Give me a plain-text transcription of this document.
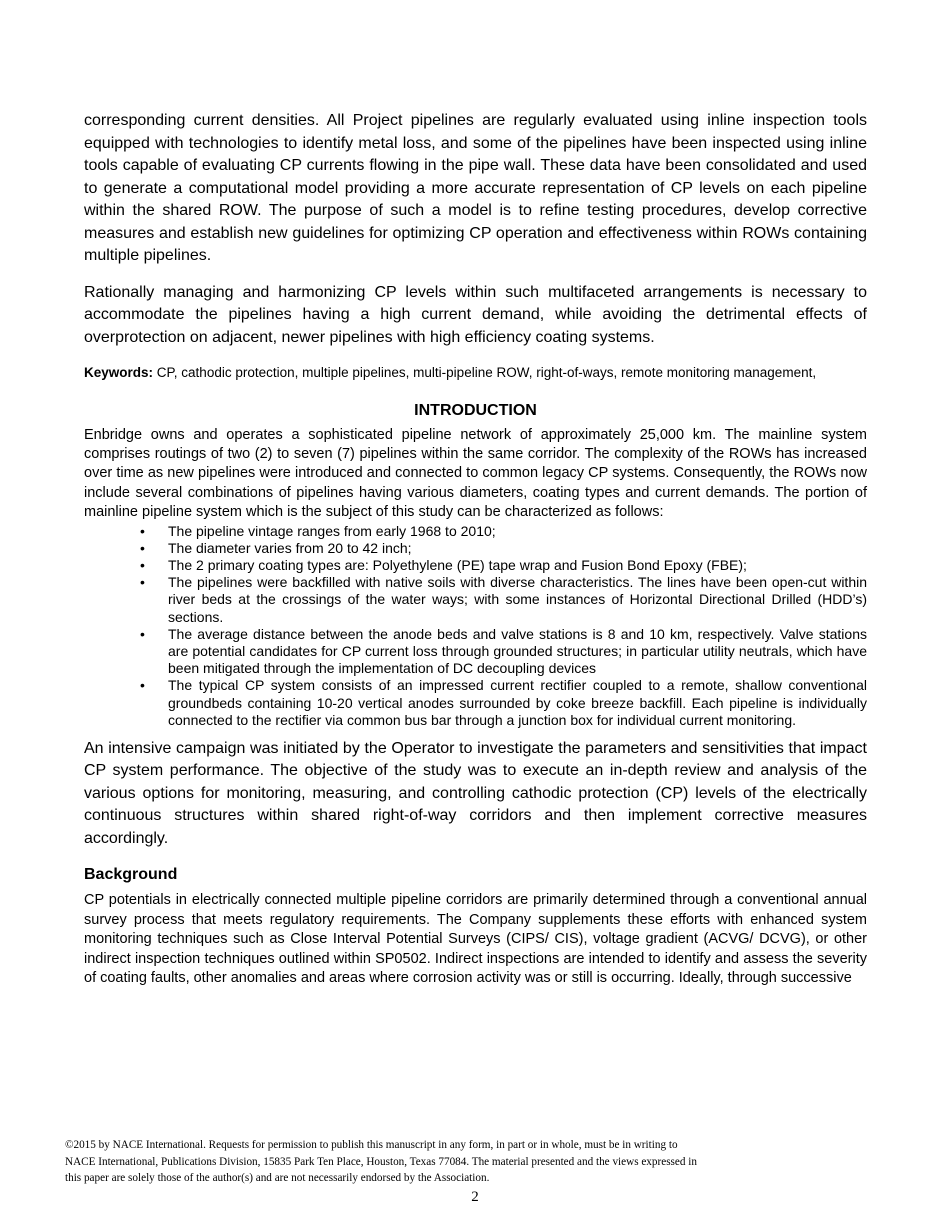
corresponding current densities. All Project pipelines are regularly evaluated using inline inspection tools equipped with technologies to identify metal loss, and some of the pipelines have been inspected using inline tools capable of evaluating CP currents flowing in the pipe wall. These data have been consolidated and used to generate a computational model providing a more accurate representation of CP levels on each pipeline within the shared ROW. The purpose of such a model is to refine testing procedures, develop corrective measures and establish new guidelines for optimizing CP operation and effectiveness within ROWs containing multiple pipelines.

Rationally managing and harmonizing CP levels within such multifaceted arrangements is necessary to accommodate the pipelines having a high current demand, while avoiding the detrimental effects of overprotection on adjacent, newer pipelines with high efficiency coating systems.

Keywords: CP, cathodic protection, multiple pipelines, multi-pipeline ROW, right-of-ways, remote monitoring management,

INTRODUCTION

Enbridge owns and operates a sophisticated pipeline network of approximately 25,000 km. The mainline system comprises routings of two (2) to seven (7) pipelines within the same corridor. The complexity of the ROWs has increased over time as new pipelines were introduced and connected to common legacy CP systems. Consequently, the ROWs now include several combinations of pipelines having various diameters, coating types and current demands. The portion of mainline pipeline system which is the subject of this study can be characterized as follows:

• The pipeline vintage ranges from early 1968 to 2010;
• The diameter varies from 20 to 42 inch;
• The 2 primary coating types are: Polyethylene (PE) tape wrap and Fusion Bond Epoxy (FBE);
• The pipelines were backfilled with native soils with diverse characteristics. The lines have been open-cut within river beds at the crossings of the water ways; with some instances of Horizontal Directional Drilled (HDD’s) sections.
• The average distance between the anode beds and valve stations is 8 and 10 km, respectively. Valve stations are potential candidates for CP current loss through grounded structures; in particular utility neutrals, which have been mitigated through the implementation of DC decoupling devices
• The typical CP system consists of an impressed current rectifier coupled to a remote, shallow conventional groundbeds containing 10-20 vertical anodes surrounded by coke breeze backfill. Each pipeline is individually connected to the rectifier via common bus bar through a junction box for individual current monitoring.

An intensive campaign was initiated by the Operator to investigate the parameters and sensitivities that impact CP system performance. The objective of the study was to execute an in-depth review and analysis of the various options for monitoring, measuring, and controlling cathodic protection (CP) levels of the electrically continuous structures within shared right-of-way corridors and then implement corrective measures accordingly.

Background

CP potentials in electrically connected multiple pipeline corridors are primarily determined through a conventional annual survey process that meets regulatory requirements. The Company supplements these efforts with enhanced system monitoring techniques such as Close Interval Potential Surveys (CIPS/ CIS), voltage gradient (ACVG/ DCVG), or other indirect inspection techniques outlined within SP0502. Indirect inspections are intended to identify and assess the severity of coating faults, other anomalies and areas where corrosion activity was or still is occurring. Ideally, through successive

©2015 by NACE International. Requests for permission to publish this manuscript in any form, in part or in whole, must be in writing to
NACE International, Publications Division, 15835 Park Ten Place, Houston, Texas 77084. The material presented and the views expressed in
this paper are solely those of the author(s) and are not necessarily endorsed by the Association.
2
